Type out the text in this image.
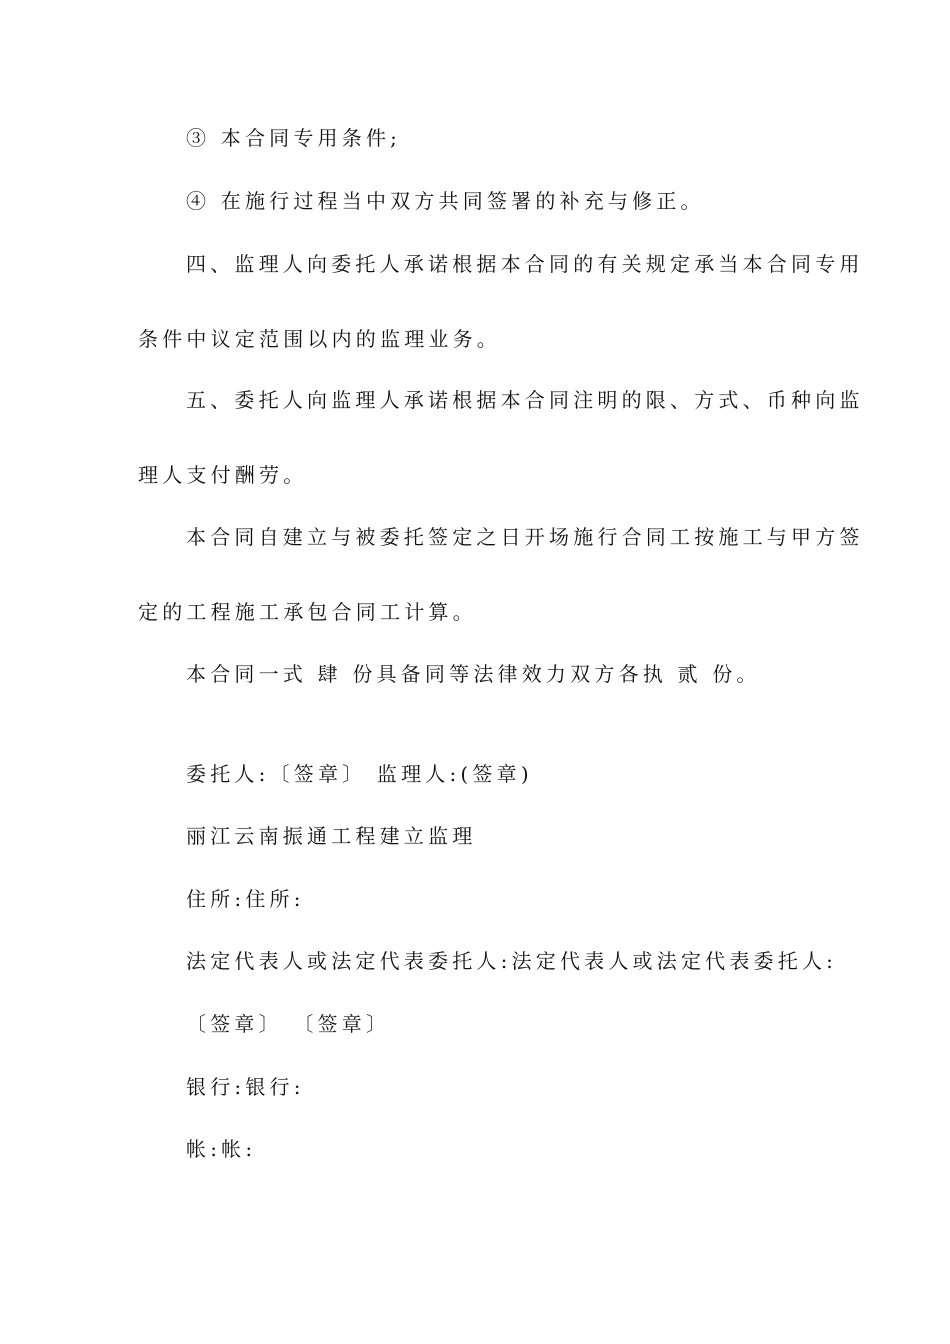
③ 本合同专用条件;
④ 在施行过程当中双方共同签署的补充与修正。
四、监理人向委托人承诺根据本合同的有关规定承当本合同专用
条件中议定范围以内的监理业务。
五、委托人向监理人承诺根据本合同注明的限、方式、币种向监
理人支付酬劳。
本合同自建立与被委托签定之日开场施行合同工按施工与甲方签
定的工程施工承包合同工计算。
本合同一式 肆 份具备同等法律效力双方各执 贰 份。
委托人:〔签章〕 监理人:(签章)
丽江云南振通工程建立监理
住所:住所:
法定代表人或法定代表委托人:法定代表人或法定代表委托人:
〔签章〕 〔签章〕
银行:银行:
帐:帐:
